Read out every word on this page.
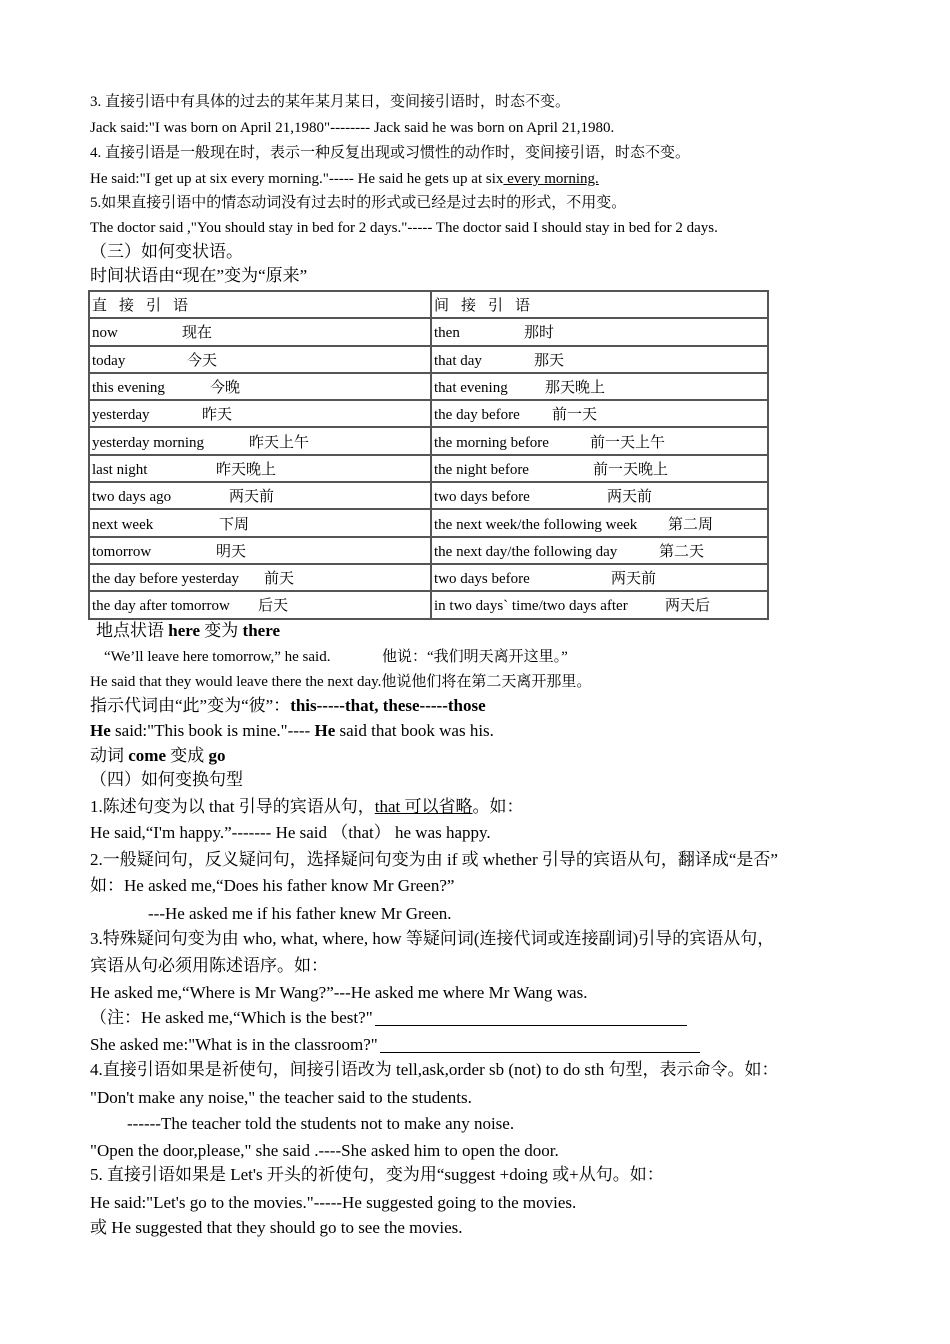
3. 直接引语中有具体的过去的某年某月某日，变间接引语时，时态不变。
Jack said:"I was born on April 21,1980"-------- Jack said he was born on April 21,1980.
4. 直接引语是一般现在时，表示一种反复出现或习惯性的动作时，变间接引语，时态不变。
He said:"I get up at six every morning."----- He said he gets up at six every morning.
5.如果直接引语中的情态动词没有过去时的形式或已经是过去时的形式，不用变。
The doctor said ,"You should stay in bed for 2 days."----- The doctor said I should stay in bed for 2 days.
（三）如何变状语。
时间状语由“现在”变为“原来”
直 接 引 语	间 接 引 语
now 现在	then 那时
today 今天	that day 那天
this evening 今晚	that evening 那天晚上
yesterday 昨天	the day before 前一天
yesterday morning 昨天上午	the morning before 前一天上午
last night 昨天晚上	the night before 前一天晚上
two days ago 两天前	two days before 两天前
next week 下周	the next week/the following week 第二周
tomorrow 明天	the next day/the following day 第二天
the day before yesterday 前天	two days before 两天前
the day after tomorrow 后天	in two days` time/two days after 两天后
地点状语 here 变为 there
“We’ll leave here tomorrow,” he said.	他说：“我们明天离开这里。”
He said that they would leave there the next day.他说他们将在第二天离开那里。
指示代词由“此”变为“彼”：this-----that, these-----those
He said:"This book is mine."---- He said that book was his.
动词 come 变成 go
（四）如何变换句型
1.陈述句变为以 that 引导的宾语从句，that 可以省略。如：
He said,“I'm happy.”------- He said （that） he was happy.
2.一般疑问句，反义疑问句，选择疑问句变为由 if 或 whether 引导的宾语从句，翻译成“是否”
如：He asked me,“Does his father know Mr Green?”
---He asked me if his father knew Mr Green.
3.特殊疑问句变为由 who, what, where, how 等疑问词(连接代词或连接副词)引导的宾语从句，
宾语从句必须用陈述语序。如：
He asked me,“Where is Mr Wang?”---He asked me where Mr Wang was.
（注：He asked me,“Which is the best?"
She asked me:"What is in the classroom?"
4.直接引语如果是祈使句，间接引语改为 tell,ask,order sb (not) to do sth 句型，表示命令。如：
"Don't make any noise," the teacher said to the students.
------The teacher told the students not to make any noise.
"Open the door,please," she said .----She asked him to open the door.
5. 直接引语如果是 Let's 开头的祈使句，变为用“suggest +doing 或+从句。如：
He said:"Let's go to the movies."-----He suggested going to the movies.
或 He suggested that they should go to see the movies.
